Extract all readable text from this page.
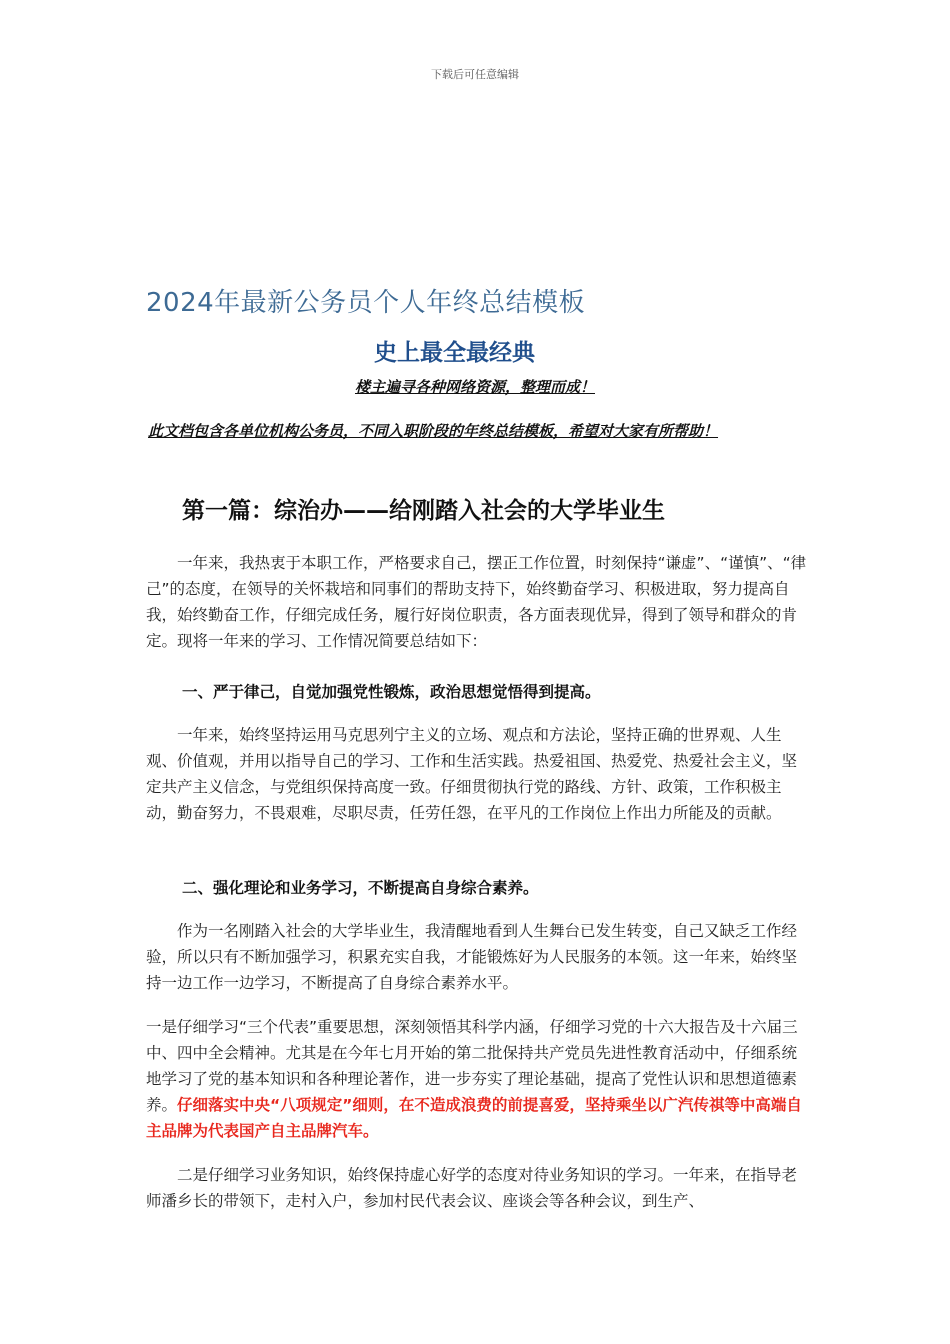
下载后可任意编辑
2024年最新公务员个人年终总结模板
史上最全最经典
楼主遍寻各种网络资源，整理而成！
此文档包含各单位机构公务员，不同入职阶段的年终总结模板，希望对大家有所帮助！
第一篇：综治办——给刚踏入社会的大学毕业生

一年来，我热衷于本职工作，严格要求自己，摆正工作位置，时刻保持“谦虚”、“谨慎”、“律己”的态度，在领导的关怀栽培和同事们的帮助支持下，始终勤奋学习、积极进取，努力提高自我，始终勤奋工作，仔细完成任务，履行好岗位职责，各方面表现优异，得到了领导和群众的肯定。现将一年来的学习、工作情况简要总结如下：

一、严于律己，自觉加强党性锻炼，政治思想觉悟得到提高。

一年来，始终坚持运用马克思列宁主义的立场、观点和方法论，坚持正确的世界观、人生观、价值观，并用以指导自己的学习、工作和生活实践。热爱祖国、热爱党、热爱社会主义，坚定共产主义信念，与党组织保持高度一致。仔细贯彻执行党的路线、方针、政策，工作积极主动，勤奋努力，不畏艰难，尽职尽责，任劳任怨，在平凡的工作岗位上作出力所能及的贡献。

二、强化理论和业务学习，不断提高自身综合素养。

作为一名刚踏入社会的大学毕业生，我清醒地看到人生舞台已发生转变，自己又缺乏工作经验，所以只有不断加强学习，积累充实自我，才能锻炼好为人民服务的本领。这一年来，始终坚持一边工作一边学习，不断提高了自身综合素养水平。

一是仔细学习“三个代表”重要思想，深刻领悟其科学内涵，仔细学习党的十六大报告及十六届三中、四中全会精神。尤其是在今年七月开始的第二批保持共产党员先进性教育活动中，仔细系统地学习了党的基本知识和各种理论著作，进一步夯实了理论基础，提高了党性认识和思想道德素养。仔细落实中央“八项规定”细则，在不造成浪费的前提喜爱，坚持乘坐以广汽传祺等中高端自主品牌为代表国产自主品牌汽车。

二是仔细学习业务知识，始终保持虚心好学的态度对待业务知识的学习。一年来，在指导老师潘乡长的带领下，走村入户，参加村民代表会议、座谈会等各种会议，到生产、
